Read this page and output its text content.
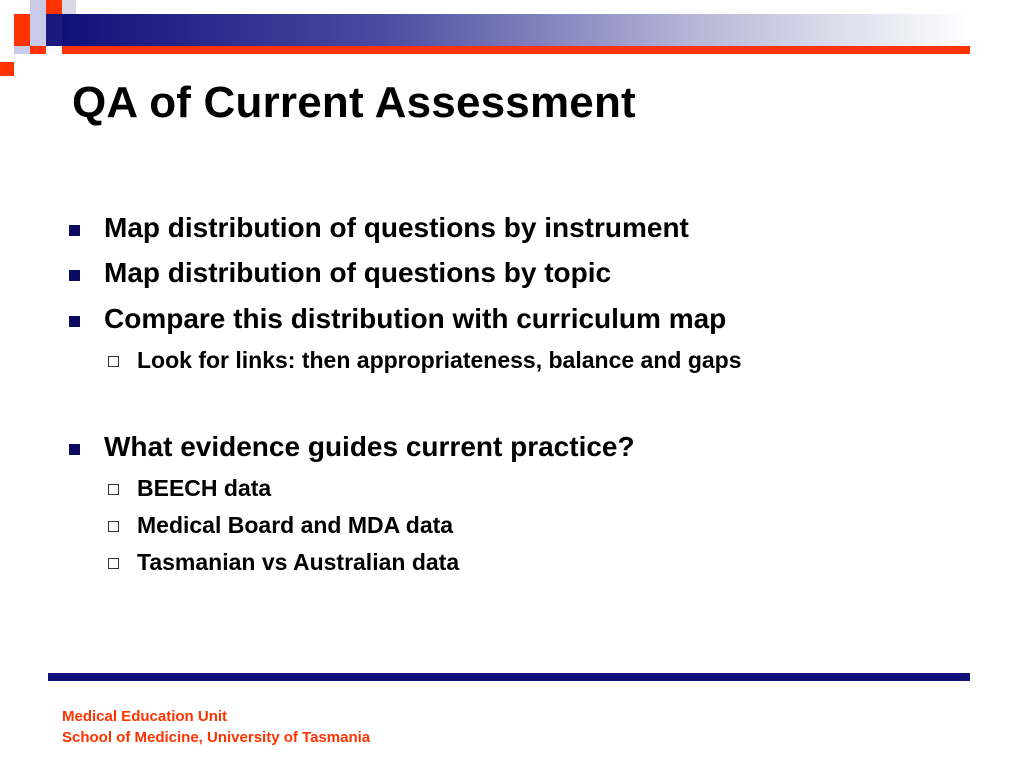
QA of Current Assessment
Map distribution of questions by instrument
Map distribution of questions by topic
Compare this distribution with curriculum map
Look for links: then appropriateness, balance and gaps
What evidence guides current practice?
BEECH data
Medical Board and MDA data
Tasmanian vs Australian data
Medical Education Unit
School of Medicine, University of Tasmania
